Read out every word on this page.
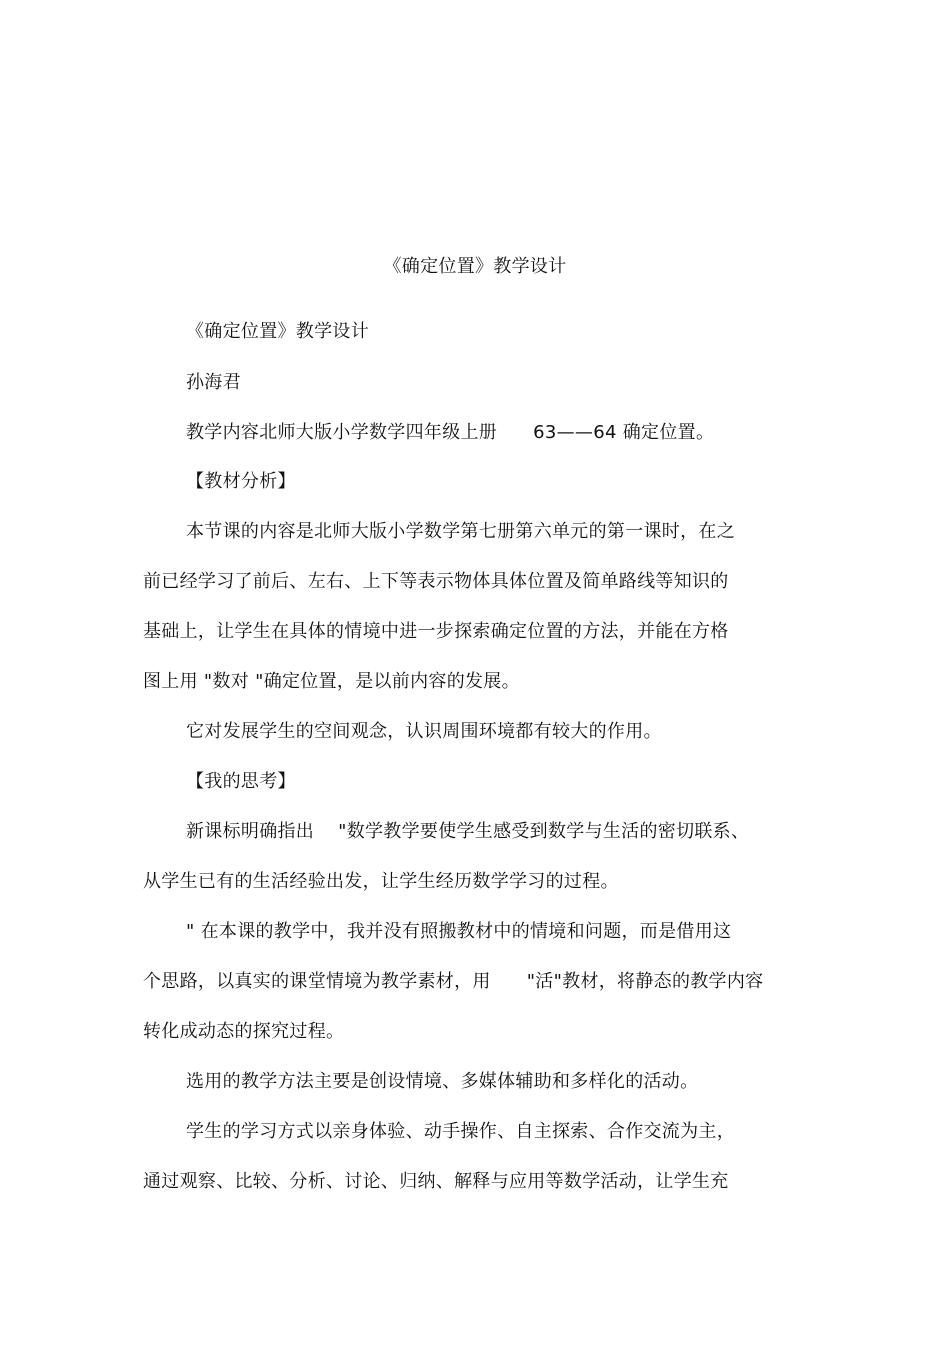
《确定位置》教学设计
《确定位置》教学设计
孙海君
教学内容北师大版小学数学四年级上册 63——64 确定位置。
【教材分析】
本节课的内容是北师大版小学数学第七册第六单元的第一课时，在之
前已经学习了前后、左右、上下等表示物体具体位置及简单路线等知识的
基础上，让学生在具体的情境中进一步探索确定位置的方法，并能在方格
图上用 "数对 "确定位置，是以前内容的发展。
它对发展学生的空间观念，认识周围环境都有较大的作用。
【我的思考】
新课标明确指出 "数学教学要使学生感受到数学与生活的密切联系、
从学生已有的生活经验出发，让学生经历数学学习的过程。
" 在本课的教学中，我并没有照搬教材中的情境和问题，而是借用这
个思路，以真实的课堂情境为教学素材，用 "活"教材，将静态的教学内容
转化成动态的探究过程。
选用的教学方法主要是创设情境、多媒体辅助和多样化的活动。
学生的学习方式以亲身体验、动手操作、自主探索、合作交流为主，
通过观察、比较、分析、讨论、归纳、解释与应用等数学活动，让学生充
